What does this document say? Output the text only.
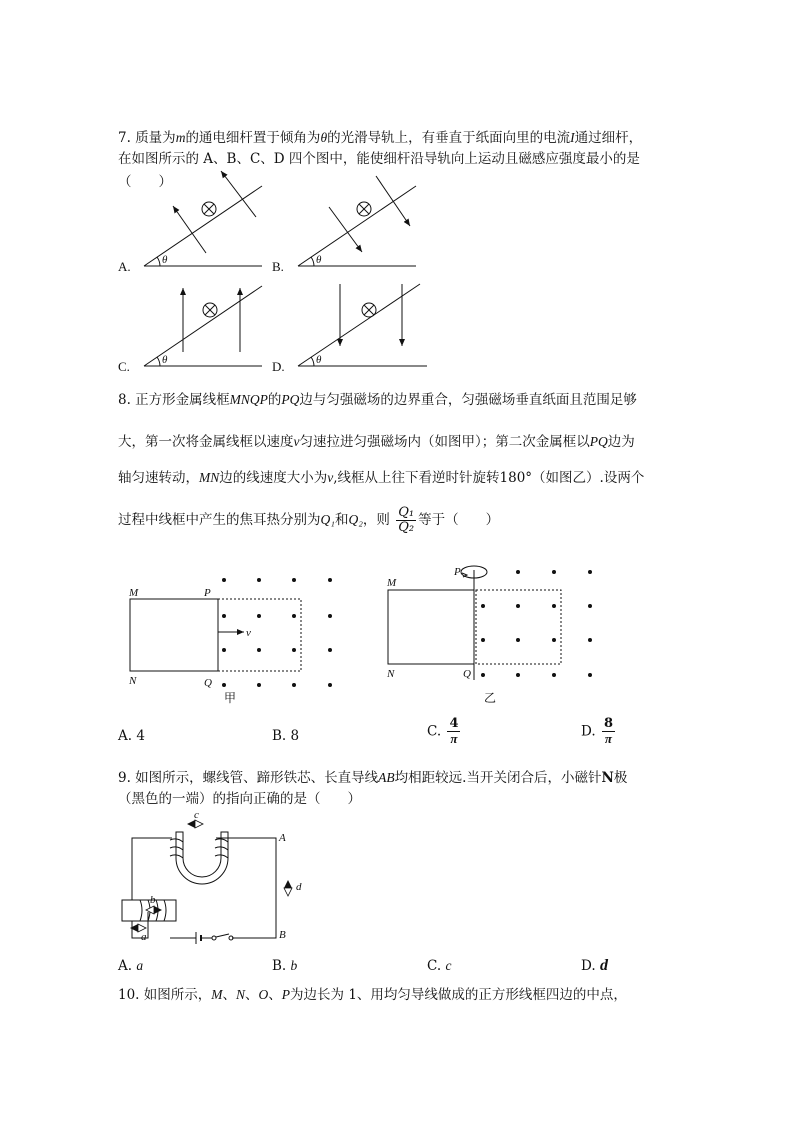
7. 质量为m的通电细杆置于倾角为θ的光滑导轨上，有垂直于纸面向里的电流I通过细杆，
在如图所示的 A、B、C、D 四个图中，能使细杆沿导轨向上运动且磁感应强度最小的是
（　　）
A.	B.
C.	D.
θ	θ
θ	θ
M	P
N	Q
v
甲
M
P
N	Q
乙
c
d
b
a
A
B
8. 正方形金属线框MNQP的PQ边与匀强磁场的边界重合，匀强磁场垂直纸面且范围足够
大，第一次将金属线框以速度v匀速拉进匀强磁场内（如图甲）；第二次金属框以PQ边为
轴匀速转动，MN边的线速度大小为v,线框从上往下看逆时针旋转180°（如图乙）.设两个
过程中线框中产生的焦耳热分别为Q₁和Q₂，则 $\frac{\text{Q₁}}{\text{Q₂}}$ 等于（　　）
A. 4	B. 8	C. $\frac{4}{\pi}$	D. $\frac{8}{\pi}$
9. 如图所示，螺线管、蹄形铁芯、长直导线AB均相距较远.当开关闭合后，小磁针N极
（黑色的一端）的指向正确的是（　　）
A. a	B. b	C. c	D. d
10. 如图所示，M、N、O、P为边长为 1、用均匀导线做成的正方形线框四边的中点，
